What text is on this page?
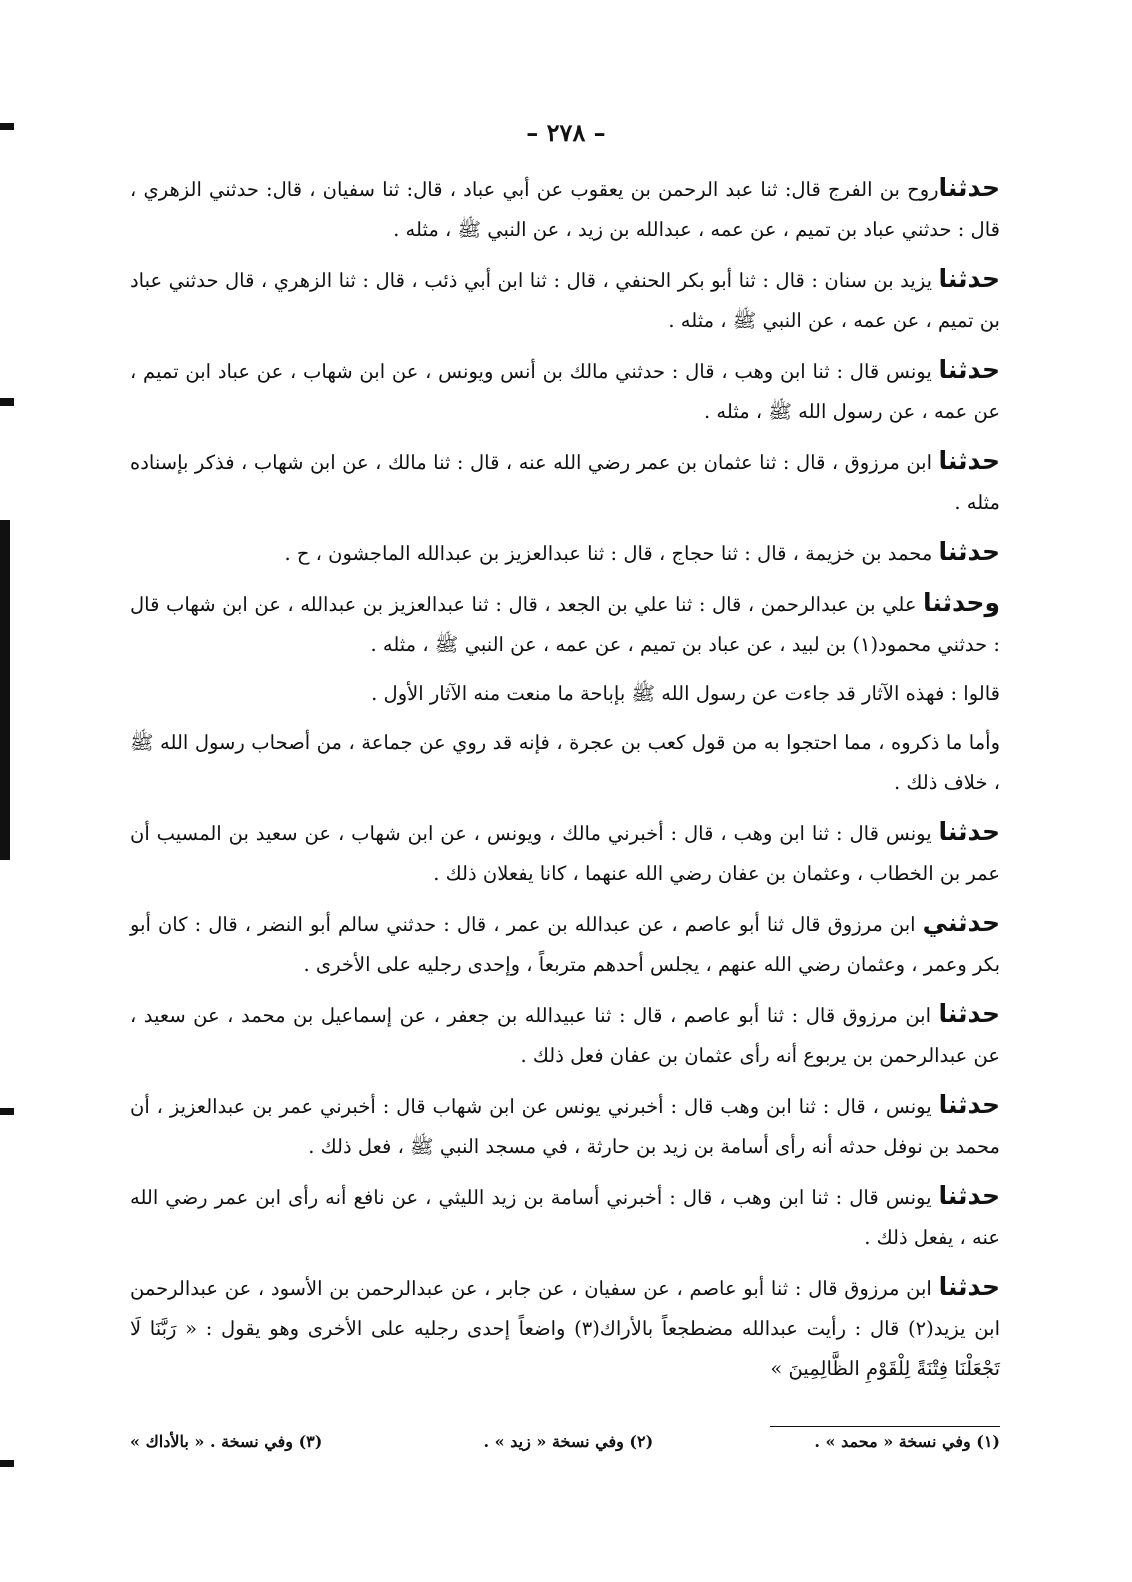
– ٢٧٨ –

حدثناروح بن الفرج قال: ثنا عبد الرحمن بن يعقوب عن أبي عباد ، قال: ثنا سفيان ، قال: حدثني الزهري ، قال : حدثني عباد بن تميم ، عن عمه ، عبدالله بن زيد ، عن النبي ﷺ ، مثله .

حدثنا يزيد بن سنان : قال : ثنا أبو بكر الحنفي ، قال : ثنا ابن أبي ذئب ، قال : ثنا الزهري ، قال حدثني عباد بن تميم ، عن عمه ، عن النبي ﷺ ، مثله .

حدثنا يونس قال : ثنا ابن وهب ، قال : حدثني مالك بن أنس ويونس ، عن ابن شهاب ، عن عباد ابن تميم ، عن عمه ، عن رسول الله ﷺ ، مثله .

حدثنا ابن مرزوق ، قال : ثنا عثمان بن عمر رضي الله عنه ، قال : ثنا مالك ، عن ابن شهاب ، فذكر بإسناده مثله .

حدثنا محمد بن خزيمة ، قال : ثنا حجاج ، قال : ثنا عبدالعزيز بن عبدالله الماجشون ، ح .

وحدثنا علي بن عبدالرحمن ، قال : ثنا علي بن الجعد ، قال : ثنا عبدالعزيز بن عبدالله ، عن ابن شهاب قال : حدثني محمود(١) بن لبيد ، عن عباد بن تميم ، عن عمه ، عن النبي ﷺ ، مثله .

قالوا : فهذه الآثار قد جاءت عن رسول الله ﷺ بإباحة ما منعت منه الآثار الأول .

وأما ما ذكروه ، مما احتجوا به من قول كعب بن عجرة ، فإنه قد روي عن جماعة ، من أصحاب رسول الله ﷺ ، خلاف ذلك .

حدثنا يونس قال : ثنا ابن وهب ، قال : أخبرني مالك ، ويونس ، عن ابن شهاب ، عن سعيد بن المسيب أن عمر بن الخطاب ، وعثمان بن عفان رضي الله عنهما ، كانا يفعلان ذلك .

حدثني ابن مرزوق قال ثنا أبو عاصم ، عن عبدالله بن عمر ، قال : حدثني سالم أبو النضر ، قال : كان أبو بكر وعمر ، وعثمان رضي الله عنهم ، يجلس أحدهم متربعاً ، وإحدى رجليه على الأخرى .

حدثنا ابن مرزوق قال : ثنا أبو عاصم ، قال : ثنا عبيدالله بن جعفر ، عن إسماعيل بن محمد ، عن سعيد ، عن عبدالرحمن بن يربوع أنه رأى عثمان بن عفان فعل ذلك .

حدثنا يونس ، قال : ثنا ابن وهب قال : أخبرني يونس عن ابن شهاب قال : أخبرني عمر بن عبدالعزيز ، أن محمد بن نوفل حدثه أنه رأى أسامة بن زيد بن حارثة ، في مسجد النبي ﷺ ، فعل ذلك .

حدثنا يونس قال : ثنا ابن وهب ، قال : أخبرني أسامة بن زيد الليثي ، عن نافع أنه رأى ابن عمر رضي الله عنه ، يفعل ذلك .

حدثنا ابن مرزوق قال : ثنا أبو عاصم ، عن سفيان ، عن جابر ، عن عبدالرحمن بن الأسود ، عن عبدالرحمن ابن يزيد(٢) قال : رأيت عبدالله مضطجعاً بالأراك(٣) واضعاً إحدى رجليه على الأخرى وهو يقول : « رَبَّنَا لَا تَجْعَلْنَا فِتْنَةً لِلْقَوْمِ الظَّالِمِينَ »

(١) وفي نسخة « محمد » .
(٢) وفي نسخة « زيد » .
(٣) وفي نسخة . « بالأداك »
